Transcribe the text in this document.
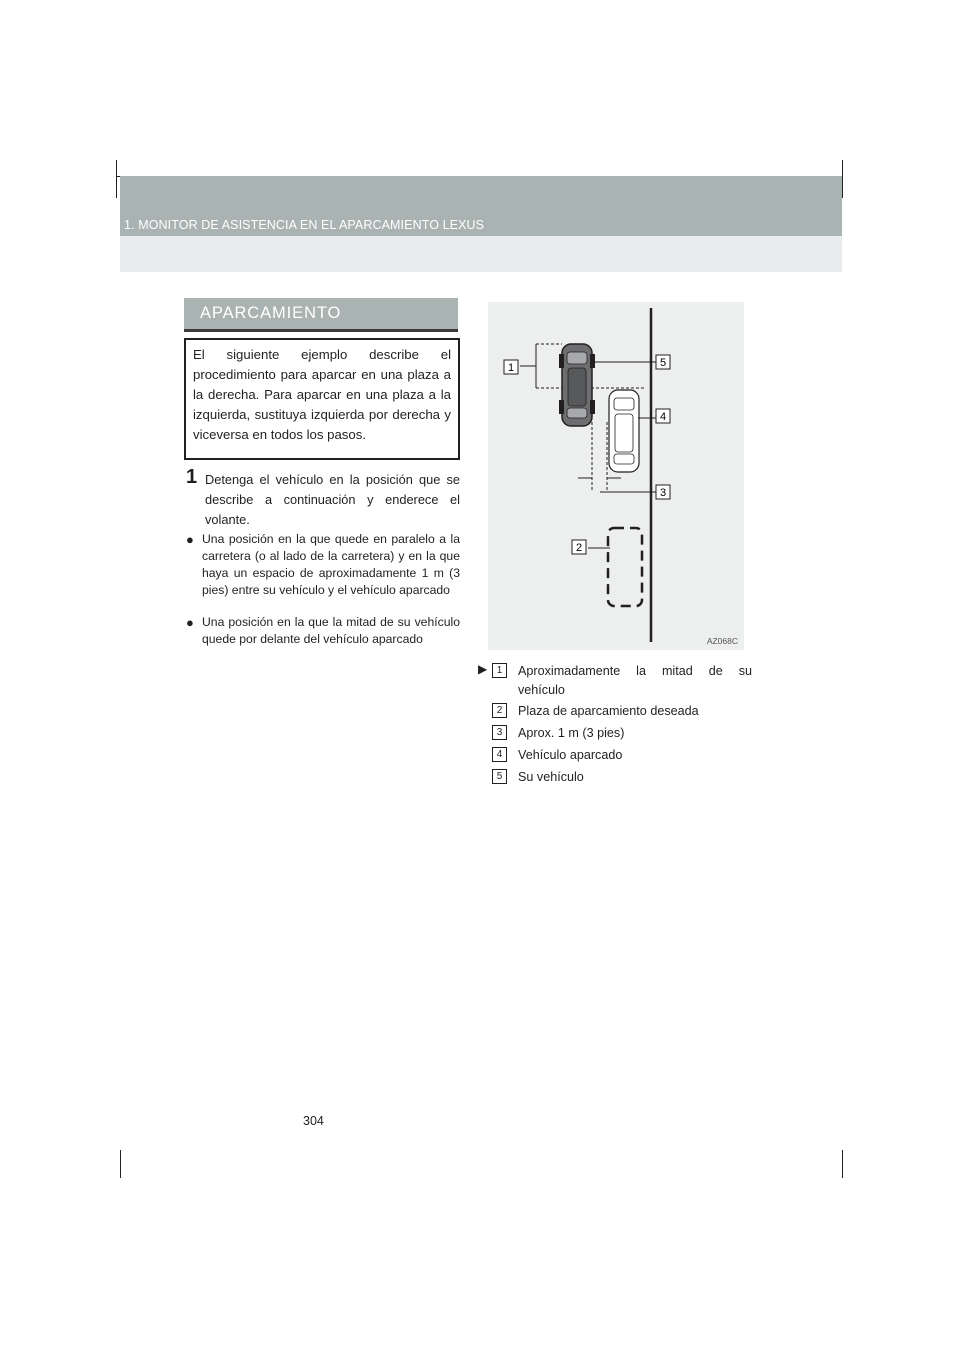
1. MONITOR DE ASISTENCIA EN EL APARCAMIENTO LEXUS
APARCAMIENTO
El siguiente ejemplo describe el procedimiento para aparcar en una plaza a la derecha. Para aparcar en una plaza a la izquierda, sustituya izquierda por derecha y viceversa en todos los pasos.
1 Detenga el vehículo en la posición que se describe a continuación y enderece el volante.
● Una posición en la que quede en paralelo a la carretera (o al lado de la carretera) y en la que haya un espacio de aproximadamente 1 m (3 pies) entre su vehículo y el vehículo aparcado
● Una posición en la que la mitad de su vehículo quede por delante del vehículo aparcado
1	5
4
3
2
AZ068C
▶ 1	Aproximadamente la mitad de su vehículo
2	Plaza de aparcamiento deseada
3	Aprox. 1 m (3 pies)
4	Vehículo aparcado
5	Su vehículo
304
